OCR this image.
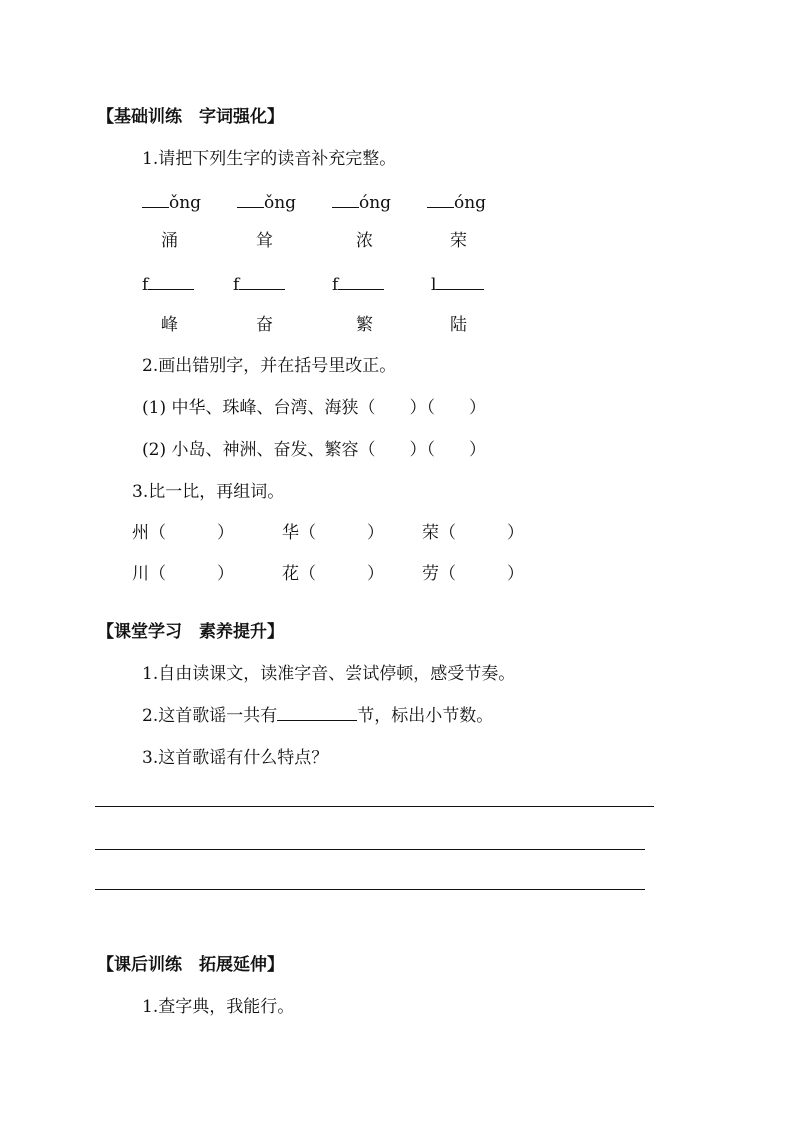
【基础训练　字词强化】
1.请把下列生字的读音补充完整。
ǒng	ǒng	óng	óng
涌	耸	浓	荣
f	f	f	l
峰	奋	繁	陆
2.画出错别字，并在括号里改正。
(1) 中华、珠峰、台湾、海狭（　　）（　　）
(2) 小岛、神洲、奋发、繁容（　　）（　　）
3.比一比，再组词。
州（　　　）	华（　　　） 荣（　　　）
川（　　　）	花（　　　） 劳（　　　）
【课堂学习　素养提升】
1.自由读课文，读准字音、尝试停顿，感受节奏。
2.这首歌谣一共有	节，标出小节数。
3.这首歌谣有什么特点？
【课后训练　拓展延伸】
1.查字典，我能行。
